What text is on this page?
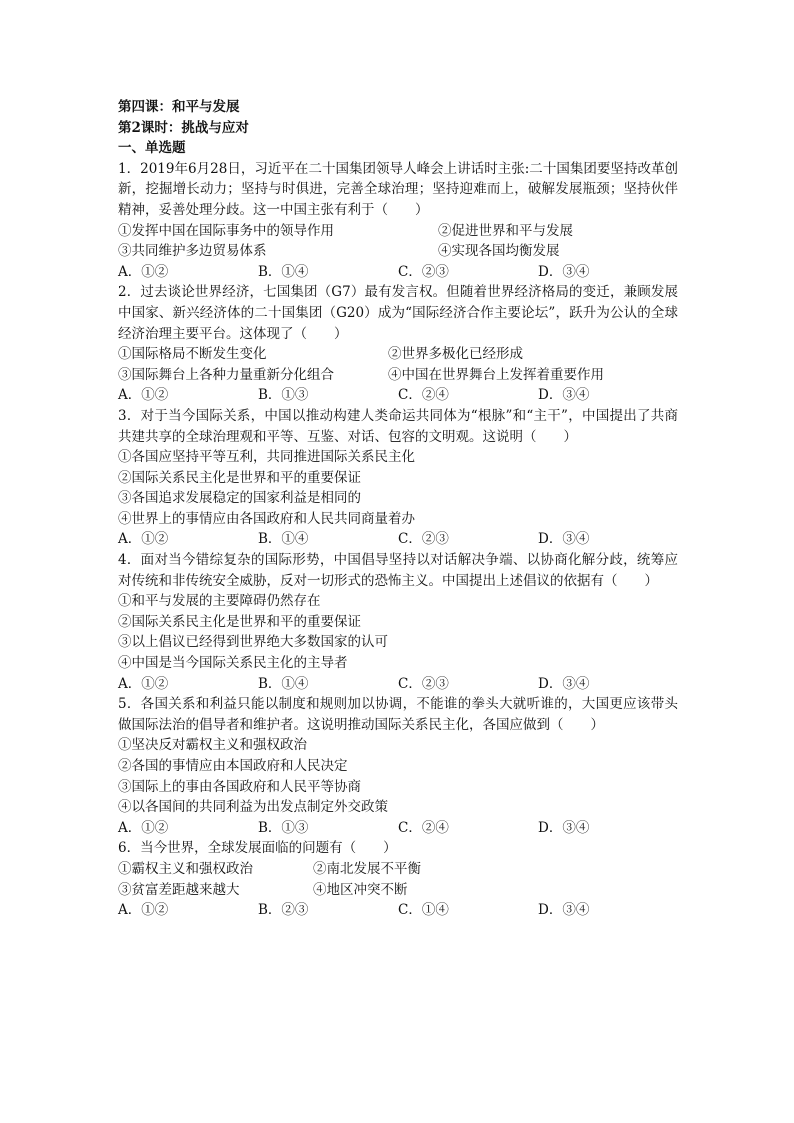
第四课：和平与发展
第2课时：挑战与应对
一、单选题
1．2019年6月28日，习近平在二十国集团领导人峰会上讲话时主张:二十国集团要坚持改革创新，挖掘增长动力；坚持与时俱进，完善全球治理；坚持迎难而上，破解发展瓶颈；坚持伙伴精神，妥善处理分歧。这一中国主张有利于（　　）
①发挥中国在国际事务中的领导作用	②促进世界和平与发展
③共同维护多边贸易体系	④实现各国均衡发展
A．①②	B．①④	C．②③	D．③④
2．过去谈论世界经济，七国集团（G7）最有发言权。但随着世界经济格局的变迁，兼顾发展中国家、新兴经济体的二十国集团（G20）成为“国际经济合作主要论坛”，跃升为公认的全球经济治理主要平台。这体现了（　　）
①国际格局不断发生变化	②世界多极化已经形成
③国际舞台上各种力量重新分化组合	④中国在世界舞台上发挥着重要作用
A．①②	B．①③	C．②④	D．③④
3．对于当今国际关系，中国以推动构建人类命运共同体为“根脉”和“主干”，中国提出了共商共建共享的全球治理观和平等、互鉴、对话、包容的文明观。这说明（　　）
①各国应坚持平等互利，共同推进国际关系民主化
②国际关系民主化是世界和平的重要保证
③各国追求发展稳定的国家利益是相同的
④世界上的事情应由各国政府和人民共同商量着办
A．①②	B．①④	C．②③	D．③④
4．面对当今错综复杂的国际形势，中国倡导坚持以对话解决争端、以协商化解分歧，统筹应对传统和非传统安全威胁，反对一切形式的恐怖主义。中国提出上述倡议的依据有（　　）
①和平与发展的主要障碍仍然存在
②国际关系民主化是世界和平的重要保证
③以上倡议已经得到世界绝大多数国家的认可
④中国是当今国际关系民主化的主导者
A．①②	B．①④	C．②③	D．③④
5．各国关系和利益只能以制度和规则加以协调，不能谁的拳头大就听谁的，大国更应该带头做国际法治的倡导者和维护者。这说明推动国际关系民主化，各国应做到（　　）
①坚决反对霸权主义和强权政治
②各国的事情应由本国政府和人民决定
③国际上的事由各国政府和人民平等协商
④以各国间的共同利益为出发点制定外交政策
A．①②	B．①③	C．②④	D．③④
6．当今世界，全球发展面临的问题有（　　）
①霸权主义和强权政治	②南北发展不平衡
③贫富差距越来越大	④地区冲突不断
A．①②	B．②③	C．①④	D．③④
